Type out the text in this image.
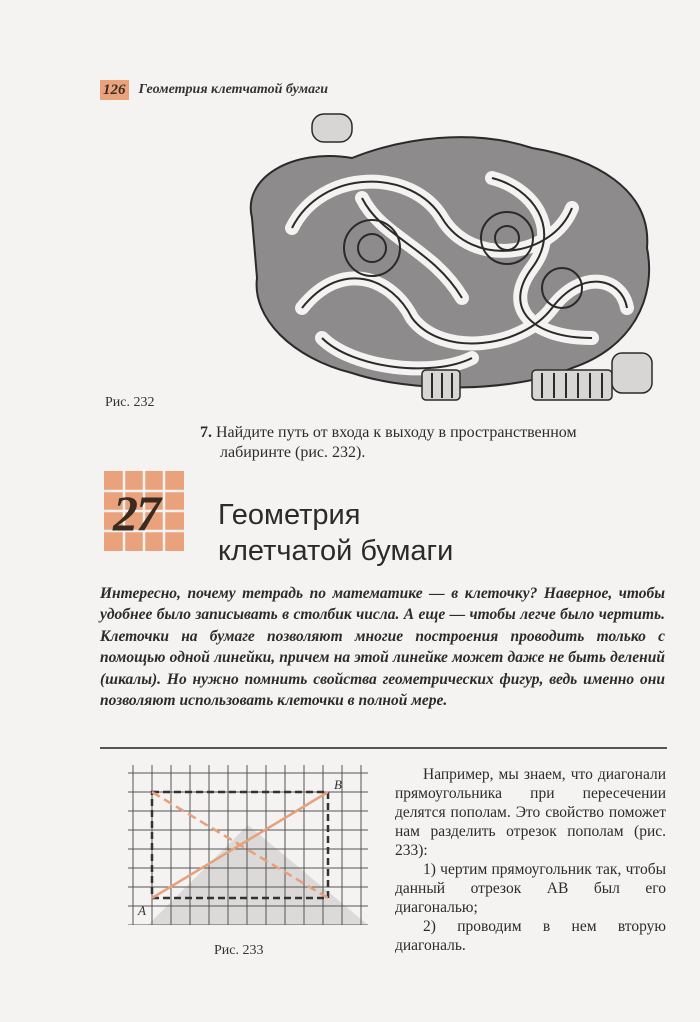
126 Геометрия клетчатой бумаги
Рис. 232
7. Найдите путь от входа к выходу в пространственном
лабиринте (рис. 232).
27 Геометрия
клетчатой бумаги
Интересно, почему тетрадь по математике — в клеточку? Наверное, чтобы удобнее было записывать в столбик числа. А еще — чтобы легче было чертить. Клеточки на бумаге позволяют многие построения проводить только с помощью одной линейки, причем на этой линейке может даже не быть делений (шкалы). Но нужно помнить свойства геометрических фигур, ведь именно они позволяют использовать клеточки в полной мере.
A
B
Рис. 233

Например, мы знаем, что диагонали прямоугольника при пересечении делятся пополам. Это свойство поможет нам разделить отрезок пополам (рис. 233):

1) чертим прямоугольник так, чтобы данный отрезок AB был его диагональю;

2) проводим в нем вторую диагональ.
